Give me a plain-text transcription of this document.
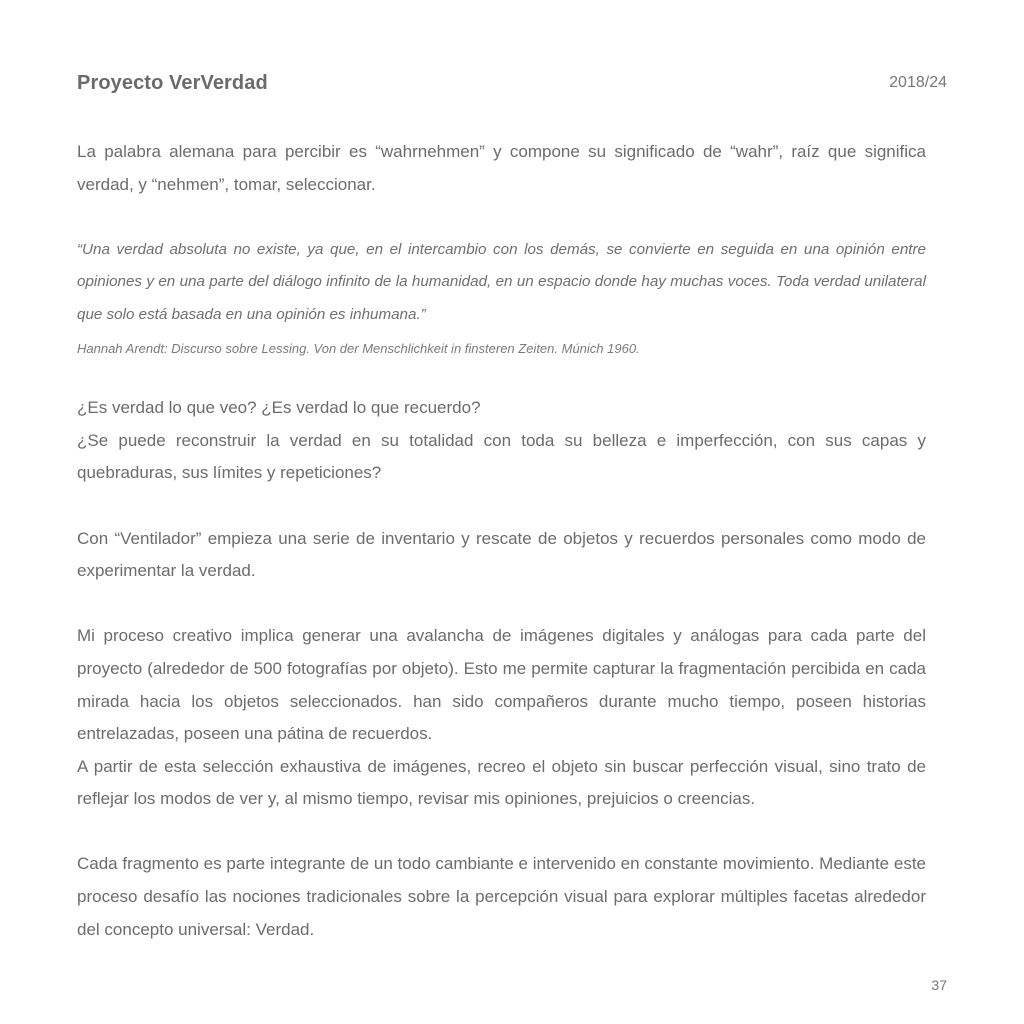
Proyecto VerVerdad	2018/24

La palabra alemana para percibir es “wahrnehmen” y compone su significado de “wahr”, raíz que significa verdad, y “nehmen”, tomar, seleccionar.

“Una verdad absoluta no existe, ya que, en el intercambio con los demás, se convierte en seguida en una opinión entre opiniones y en una parte del diálogo infinito de la humanidad, en un espacio donde hay muchas voces. Toda verdad unilateral que solo está basada en una opinión es inhumana.”

Hannah Arendt: Discurso sobre Lessing. Von der Menschlichkeit in finsteren Zeiten. Múnich 1960.

¿Es verdad lo que veo? ¿Es verdad lo que recuerdo?

¿Se puede reconstruir la verdad en su totalidad con toda su belleza e imperfección, con sus capas y quebraduras, sus límites y repeticiones?

Con “Ventilador” empieza una serie de inventario y rescate de objetos y recuerdos personales como modo de experimentar la verdad.

Mi proceso creativo implica generar una avalancha de imágenes digitales y análogas para cada parte del proyecto (alrededor de 500 fotografías por objeto). Esto me permite capturar la fragmentación percibida en cada mirada hacia los objetos seleccionados. han sido compañeros durante mucho tiempo, poseen historias entrelazadas, poseen una pátina de recuerdos.

A partir de esta selección exhaustiva de imágenes, recreo el objeto sin buscar perfección visual, sino trato de reflejar los modos de ver y, al mismo tiempo, revisar mis opiniones, prejuicios o creencias.

Cada fragmento es parte integrante de un todo cambiante e intervenido en constante movimiento. Mediante este proceso desafío las nociones tradicionales sobre la percepción visual para explorar múltiples facetas alrededor del concepto universal: Verdad.

37
